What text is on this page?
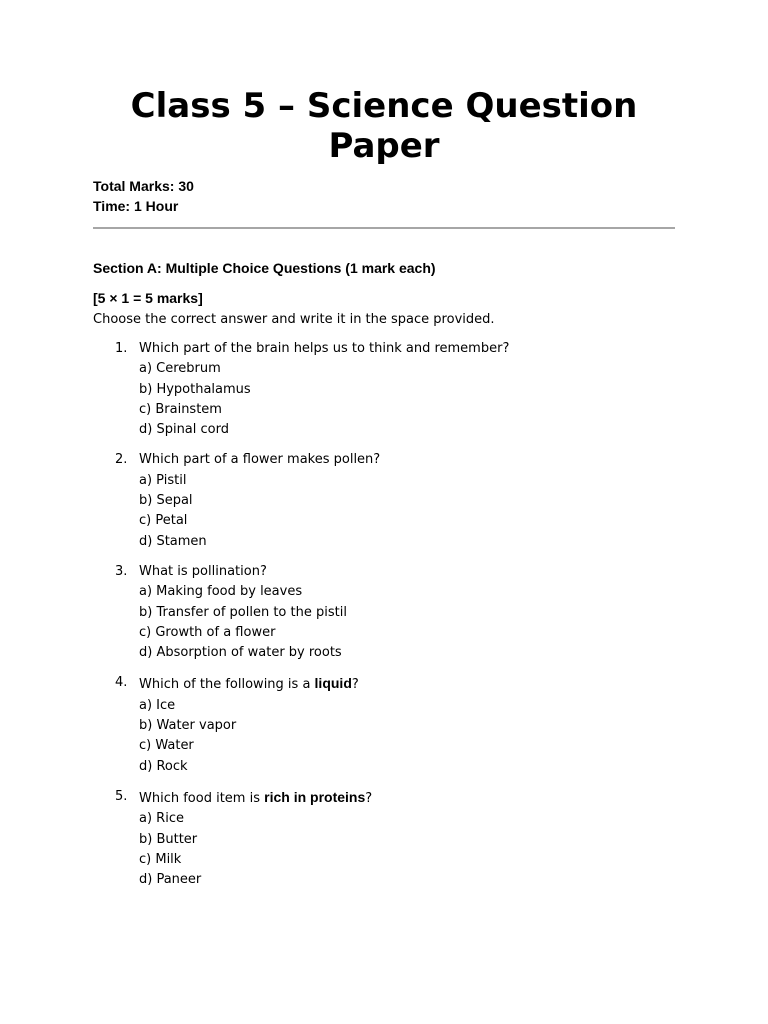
Class 5 – Science Question Paper
Total Marks: 30
Time: 1 Hour
Section A: Multiple Choice Questions (1 mark each)
[5 × 1 = 5 marks]
Choose the correct answer and write it in the space provided.
1. Which part of the brain helps us to think and remember?
a) Cerebrum
b) Hypothalamus
c) Brainstem
d) Spinal cord
2. Which part of a flower makes pollen?
a) Pistil
b) Sepal
c) Petal
d) Stamen
3. What is pollination?
a) Making food by leaves
b) Transfer of pollen to the pistil
c) Growth of a flower
d) Absorption of water by roots
4. Which of the following is a liquid?
a) Ice
b) Water vapor
c) Water
d) Rock
5. Which food item is rich in proteins?
a) Rice
b) Butter
c) Milk
d) Paneer
